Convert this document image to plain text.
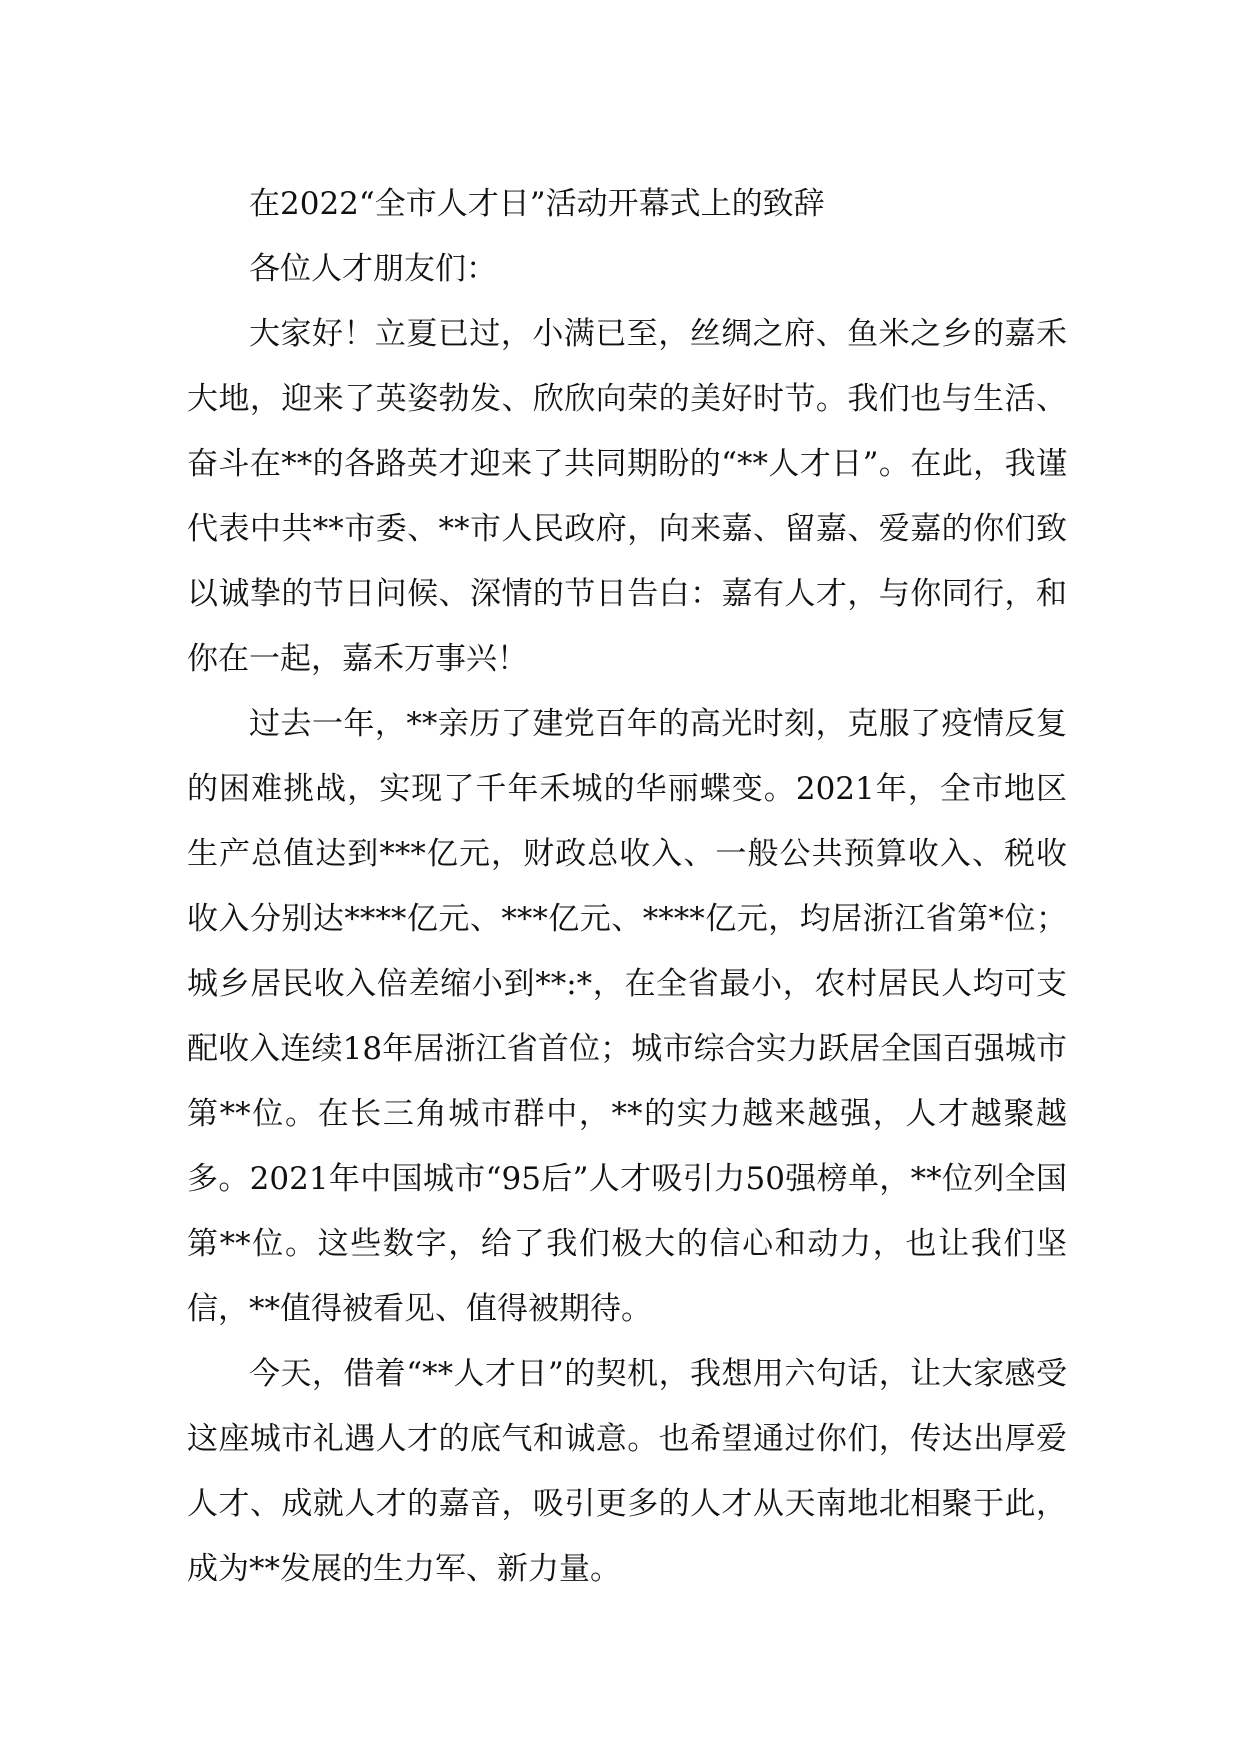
在2022“全市人才日”活动开幕式上的致辞

各位人才朋友们：

大家好！立夏已过，小满已至，丝绸之府、鱼米之乡的嘉禾大地，迎来了英姿勃发、欣欣向荣的美好时节。我们也与生活、奋斗在**的各路英才迎来了共同期盼的“**人才日”。在此，我谨代表中共**市委、**市人民政府，向来嘉、留嘉、爱嘉的你们致以诚挚的节日问候、深情的节日告白：嘉有人才，与你同行，和你在一起，嘉禾万事兴！

过去一年，**亲历了建党百年的高光时刻，克服了疫情反复的困难挑战，实现了千年禾城的华丽蝶变。2021年，全市地区生产总值达到***亿元，财政总收入、一般公共预算收入、税收收入分别达****亿元、***亿元、****亿元，均居浙江省第*位；城乡居民收入倍差缩小到**:*，在全省最小，农村居民人均可支配收入连续18年居浙江省首位；城市综合实力跃居全国百强城市第**位。在长三角城市群中，**的实力越来越强，人才越聚越多。2021年中国城市“95后”人才吸引力50强榜单，**位列全国第**位。这些数字，给了我们极大的信心和动力，也让我们坚信，**值得被看见、值得被期待。

今天，借着“**人才日”的契机，我想用六句话，让大家感受这座城市礼遇人才的底气和诚意。也希望通过你们，传达出厚爱人才、成就人才的嘉音，吸引更多的人才从天南地北相聚于此，成为**发展的生力军、新力量。
